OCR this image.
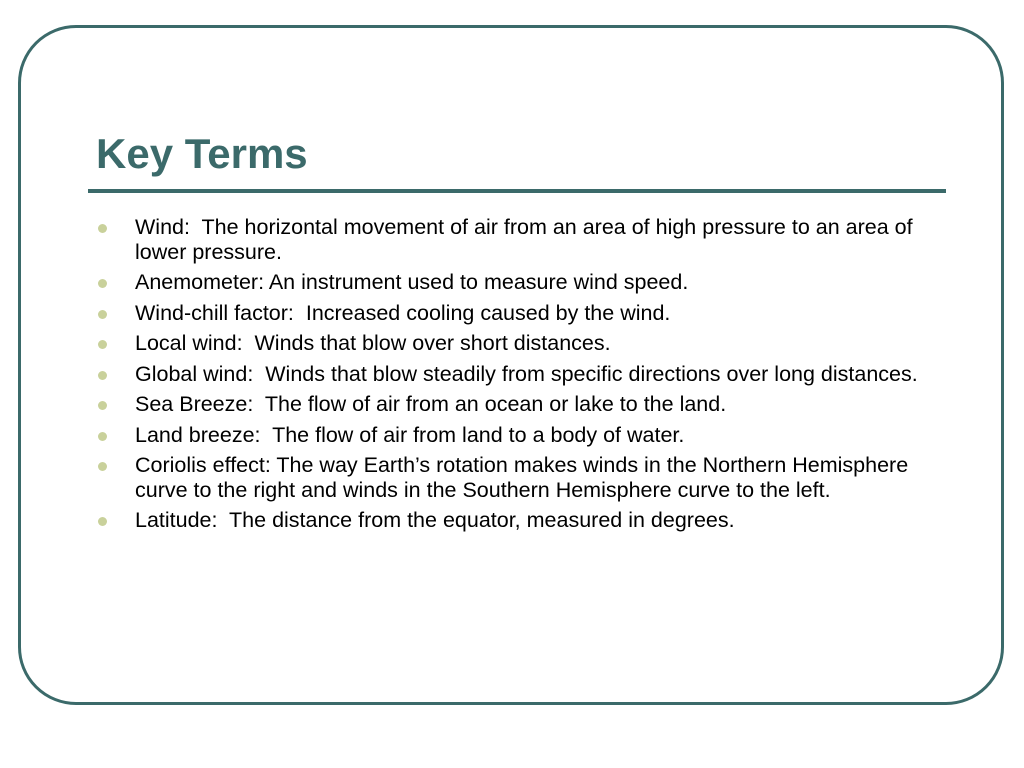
Key Terms
Wind:  The horizontal movement of air from an area of high pressure to an area of lower pressure.
Anemometer: An instrument used to measure wind speed.
Wind-chill factor:  Increased cooling caused by the wind.
Local wind:  Winds that blow over short distances.
Global wind:  Winds that blow steadily from specific directions over long distances.
Sea Breeze:  The flow of air from an ocean or lake to the land.
Land breeze:  The flow of air from land to a body of water.
Coriolis effect: The way Earth’s rotation makes winds in the Northern Hemisphere curve to the right and winds in the Southern Hemisphere curve to the left.
Latitude:  The distance from the equator, measured in degrees.
